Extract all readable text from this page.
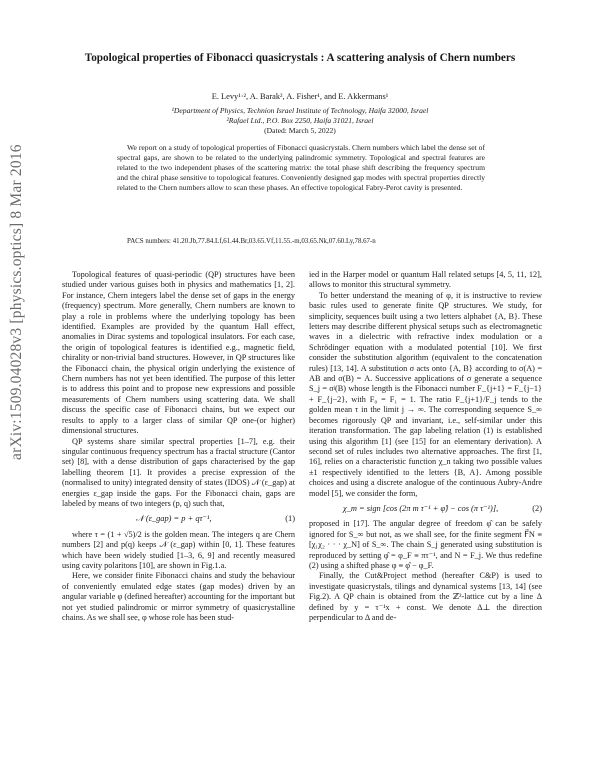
arXiv:1509.04028v3 [physics.optics] 8 Mar 2016
Topological properties of Fibonacci quasicrystals : A scattering analysis of Chern numbers
E. Levy¹·², A. Barak², A. Fisher¹, and E. Akkermans¹
¹Department of Physics, Technion Israel Institute of Technology, Haifa 32000, Israel
²Rafael Ltd., P.O. Box 2250, Haifa 31021, Israel
(Dated: March 5, 2022)
We report on a study of topological properties of Fibonacci quasicrystals. Chern numbers which label the dense set of spectral gaps, are shown to be related to the underlying palindromic symmetry. Topological and spectral features are related to the two independent phases of the scattering matrix: the total phase shift describing the frequency spectrum and the chiral phase sensitive to topological features. Conveniently designed gap modes with spectral properties directly related to the Chern numbers allow to scan these phases. An effective topological Fabry-Perot cavity is presented.
PACS numbers: 41.20.Jb,77.84.Lf,61.44.Br,03.65.Vf,11.55.-m,03.65.Nk,07.60.Ly,78.67-n

Topological features of quasi-periodic (QP) structures have been studied under various guises both in physics and mathematics [1, 2]. For instance, Chern integers label the dense set of gaps in the energy (frequency) spectrum. More generally, Chern numbers are known to play a role in problems where the underlying topology has been identified. Examples are provided by the quantum Hall effect, anomalies in Dirac systems and topological insulators. For each case, the origin of topological features is identified e.g., magnetic field, chirality or non-trivial band structures. However, in QP structures like the Fibonacci chain, the physical origin underlying the existence of Chern numbers has not yet been identified. The purpose of this letter is to address this point and to propose new expressions and possible measurements of Chern numbers using scattering data. We shall discuss the specific case of Fibonacci chains, but we expect our results to apply to a larger class of similar QP one-(or higher) dimensional structures.

QP systems share similar spectral properties [1–7], e.g. their singular continuous frequency spectrum has a fractal structure (Cantor set) [8], with a dense distribution of gaps characterised by the gap labelling theorem [1]. It provides a precise expression of the (normalised to unity) integrated density of states (IDOS) 𝒩 (ε_gap) at energies ε_gap inside the gaps. For the Fibonacci chain, gaps are labeled by means of two integers (p, q) such that,

𝒩 (ε_gap) = p + qτ⁻¹,	(1)

where τ = (1 + √5)/2 is the golden mean. The integers q are Chern numbers [2] and p(q) keeps 𝒩 (ε_gap) within [0, 1]. These features which have been widely studied [1–3, 6, 9] and recently measured using cavity polaritons [10], are shown in Fig.1.a.

Here, we consider finite Fibonacci chains and study the behaviour of conveniently emulated edge states (gap modes) driven by an angular variable φ (defined hereafter) accounting for the important but not yet studied palindromic or mirror symmetry of quasicrystalline chains. As we shall see, φ whose role has been stud-

ied in the Harper model or quantum Hall related setups [4, 5, 11, 12], allows to monitor this structural symmetry.

To better understand the meaning of φ, it is instructive to review basic rules used to generate finite QP structures. We study, for simplicity, sequences built using a two letters alphabet {A, B}. These letters may describe different physical setups such as electromagnetic waves in a dielectric with refractive index modulation or a Schrödinger equation with a modulated potential [10]. We first consider the substitution algorithm (equivalent to the concatenation rules) [13, 14]. A substitution σ acts onto {A, B} according to σ(A) = AB and σ(B) = A. Successive applications of σ generate a sequence S_j = σʲ(B) whose length is the Fibonacci number F_{j+1} = F_{j−1} + F_{j−2}, with F₀ = F₁ = 1. The ratio F_{j+1}/F_j tends to the golden mean τ in the limit j → ∞. The corresponding sequence S_∞ becomes rigorously QP and invariant, i.e., self-similar under this iteration transformation. The gap labeling relation (1) is established using this algorithm [1] (see [15] for an elementary derivation). A second set of rules includes two alternative approaches. The first [1, 16], relies on a characteristic function χ_n taking two possible values ±1 respectively identified to the letters {B, A}. Among possible choices and using a discrete analogue of the continuous Aubry-Andre model [5], we consider the form,

χ_m = sign [cos (2π m τ⁻¹ + φ̂) − cos (π τ⁻¹)],	(2)

proposed in [17]. The angular degree of freedom φ̂ can be safely ignored for S_∞ but not, as we shall see, for the finite segment F⃗N ≡ [χ₁χ₂ · · · χ_N] of S_∞. The chain S_j generated using substitution is reproduced by setting φ̂ = φ_F ≡ πτ⁻¹, and N = F_j. We thus redefine (2) using a shifted phase φ ≡ φ̂ − φ_F.

Finally, the Cut&Project method (hereafter C&P) is used to investigate quasicrystals, tilings and dynamical systems [13, 14] (see Fig.2). A QP chain is obtained from the ℤ²-lattice cut by a line Δ defined by y = τ⁻¹x + const. We denote Δ⊥ the direction perpendicular to Δ and de-
